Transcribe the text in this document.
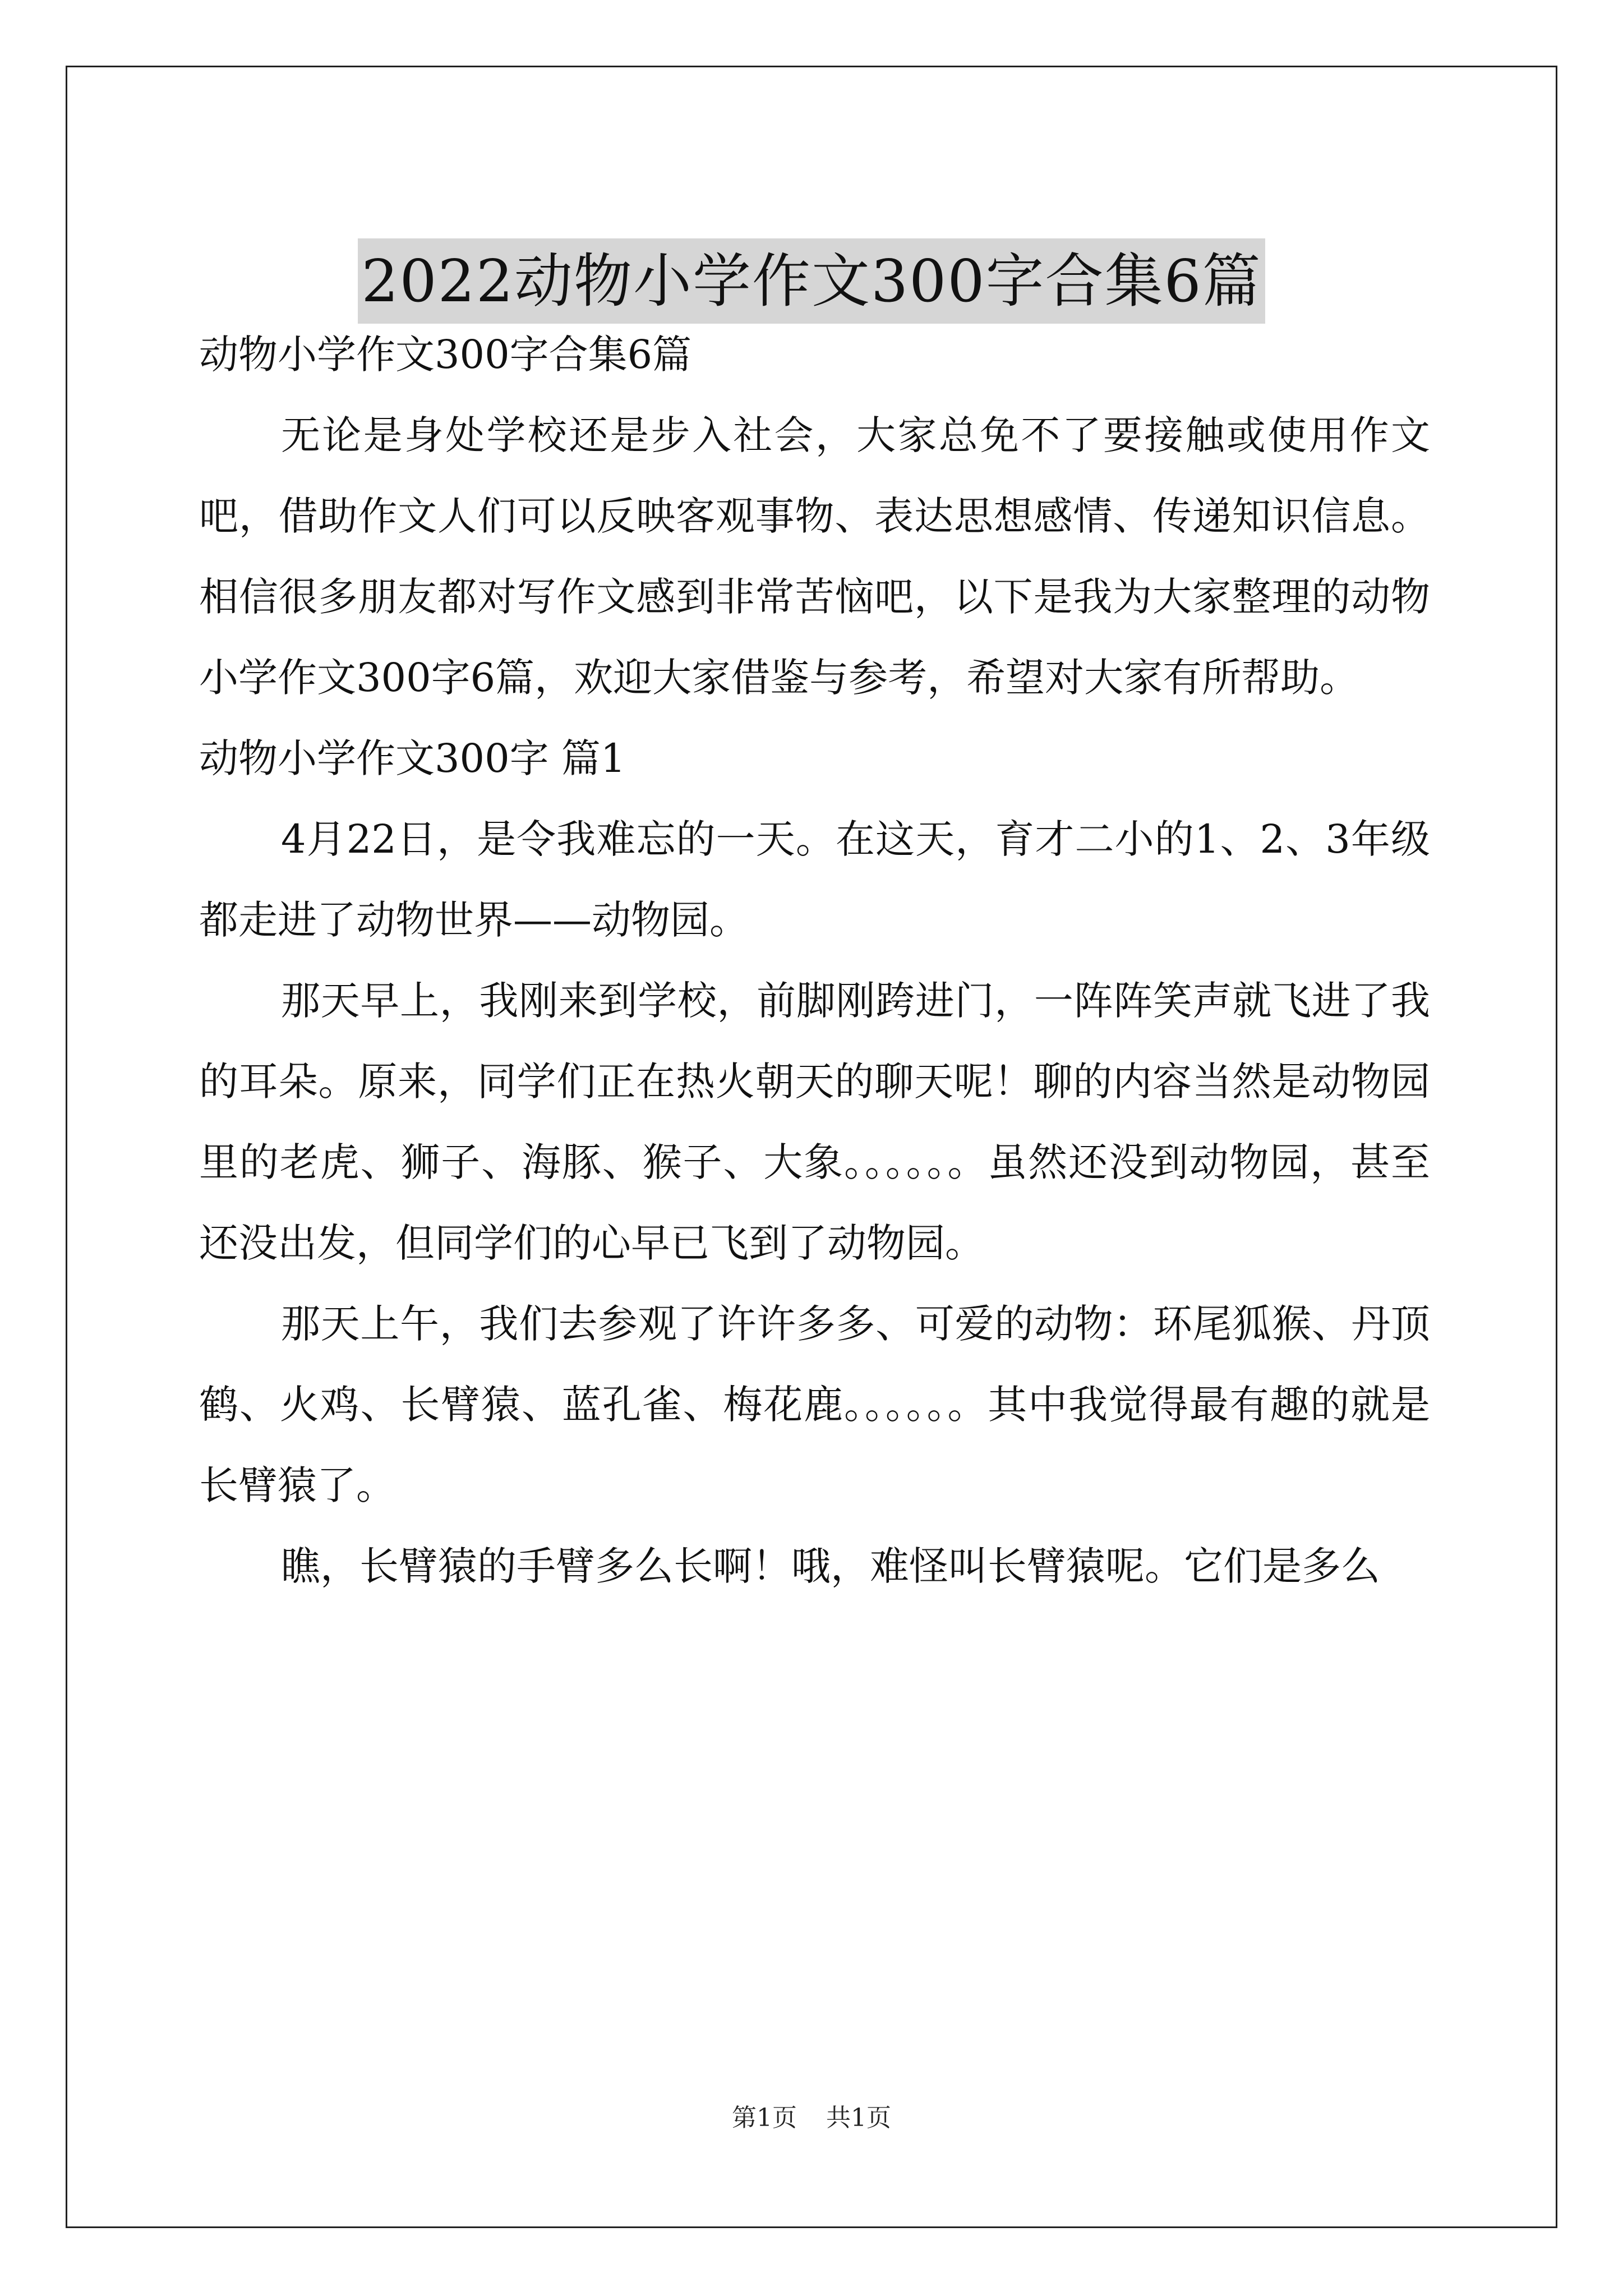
2022动物小学作文300字合集6篇

动物小学作文300字合集6篇

无论是身处学校还是步入社会，大家总免不了要接触或使用作文吧，借助作文人们可以反映客观事物、表达思想感情、传递知识信息。相信很多朋友都对写作文感到非常苦恼吧，以下是我为大家整理的动物小学作文300字6篇，欢迎大家借鉴与参考，希望对大家有所帮助。

动物小学作文300字 篇1

4月22日，是令我难忘的一天。在这天，育才二小的1、2、3年级都走进了动物世界——动物园。

那天早上，我刚来到学校，前脚刚跨进门，一阵阵笑声就飞进了我的耳朵。原来，同学们正在热火朝天的聊天呢！聊的内容当然是动物园里的老虎、狮子、海豚、猴子、大象。。。。。。虽然还没到动物园，甚至还没出发，但同学们的心早已飞到了动物园。

那天上午，我们去参观了许许多多、可爱的动物：环尾狐猴、丹顶鹤、火鸡、长臂猿、蓝孔雀、梅花鹿。。。。。。其中我觉得最有趣的就是长臂猿了。

瞧，长臂猿的手臂多么长啊！哦，难怪叫长臂猿呢。它们是多么

第1页 共1页
